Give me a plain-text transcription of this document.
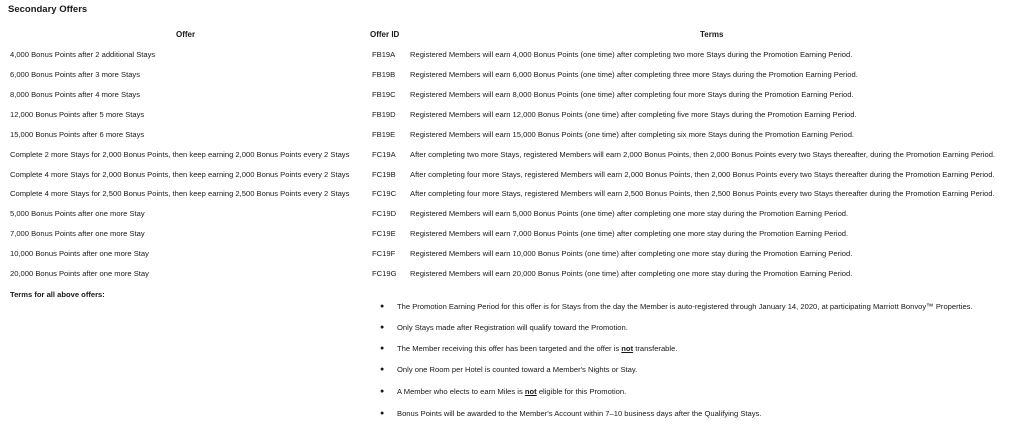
Secondary Offers
Offer	Offer ID	Terms
4,000 Bonus Points after 2 additional Stays	FB19A Registered Members will earn 4,000 Bonus Points (one time) after completing two more Stays during the Promotion Earning Period.
6,000 Bonus Points after 3 more Stays	FB19B Registered Members will earn 6,000 Bonus Points (one time) after completing three more Stays during the Promotion Earning Period.
8,000 Bonus Points after 4 more Stays	FB19C Registered Members will earn 8,000 Bonus Points (one time) after completing four more Stays during the Promotion Earning Period.
12,000 Bonus Points after 5 more Stays	FB19D Registered Members will earn 12,000 Bonus Points (one time) after completing five more Stays during the Promotion Earning Period.
15,000 Bonus Points after 6 more Stays	FB19E Registered Members will earn 15,000 Bonus Points (one time) after completing six more Stays during the Promotion Earning Period.
Complete 2 more Stays for 2,000 Bonus Points, then keep earning 2,000 Bonus Points every 2 Stays	FC19A After completing two more Stays, registered Members will earn 2,000 Bonus Points, then 2,000 Bonus Points every two Stays thereafter, during the Promotion Earning Period.
Complete 4 more Stays for 2,000 Bonus Points, then keep earning 2,000 Bonus Points every 2 Stays	FC19B After completing four more Stays, registered Members will earn 2,000 Bonus Points, then 2,000 Bonus Points every two Stays thereafter during the Promotion Earning Period.
Complete 4 more Stays for 2,500 Bonus Points, then keep earning 2,500 Bonus Points every 2 Stays	FC19C After completing four more Stays, registered Members will earn 2,500 Bonus Points, then 2,500 Bonus Points every two Stays thereafter during the Promotion Earning Period.
5,000 Bonus Points after one more Stay	FC19D Registered Members will earn 5,000 Bonus Points (one time) after completing one more stay during the Promotion Earning Period.
7,000 Bonus Points after one more Stay	FC19E Registered Members will earn 7,000 Bonus Points (one time) after completing one more stay during the Promotion Earning Period.
10,000 Bonus Points after one more Stay	FC19F Registered Members will earn 10,000 Bonus Points (one time) after completing one more stay during the Promotion Earning Period.
20,000 Bonus Points after one more Stay	FC19G Registered Members will earn 20,000 Bonus Points (one time) after completing one more stay during the Promotion Earning Period.
Terms for all above offers:
● The Promotion Earning Period for this offer is for Stays from the day the Member is auto-registered through January 14, 2020, at participating Marriott Bonvoy™ Properties.
● Only Stays made after Registration will qualify toward the Promotion.
● The Member receiving this offer has been targeted and the offer is not transferable.
● Only one Room per Hotel is counted toward a Member's Nights or Stay.
● A Member who elects to earn Miles is not eligible for this Promotion.
● Bonus Points will be awarded to the Member's Account within 7–10 business days after the Qualifying Stays.
